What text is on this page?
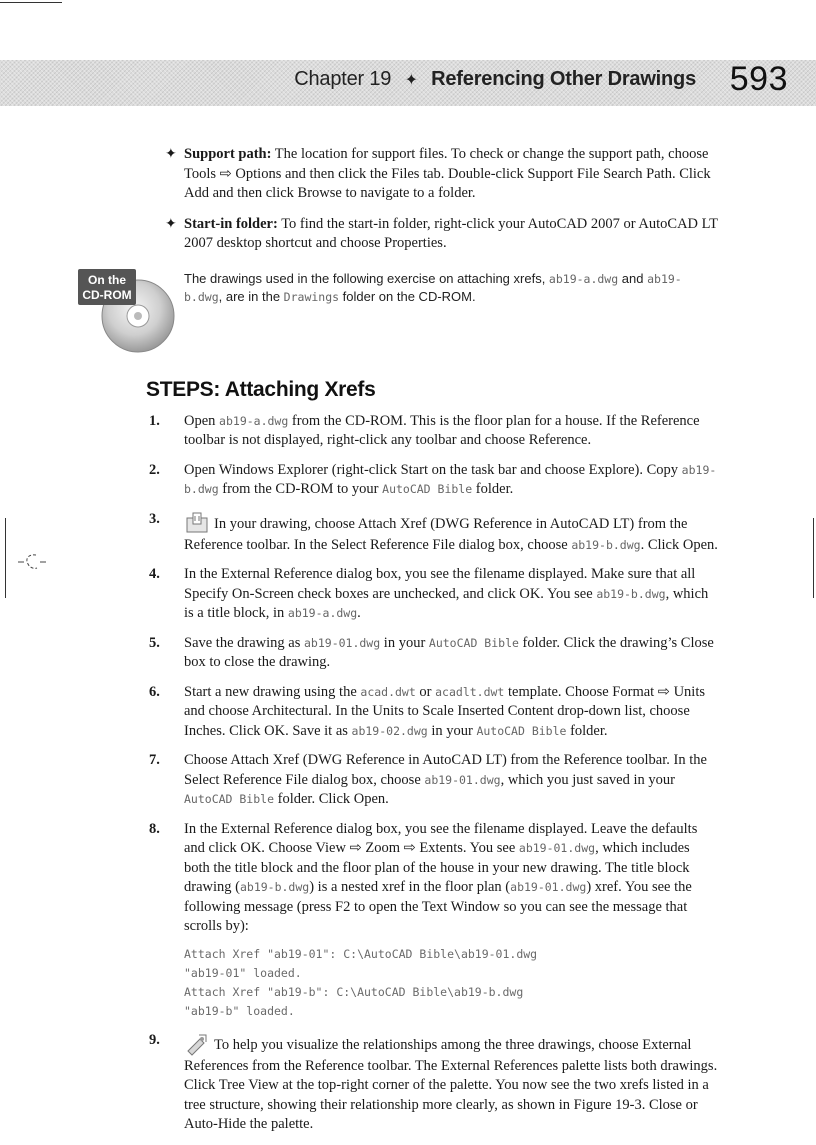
Chapter 19 ✦ Referencing Other Drawings 593
✦ Support path: The location for support files. To check or change the support path, choose Tools ⇨ Options and then click the Files tab. Double-click Support File Search Path. Click Add and then click Browse to navigate to a folder.
✦ Start-in folder: To find the start-in folder, right-click your AutoCAD 2007 or AutoCAD LT 2007 desktop shortcut and choose Properties.
On the
CD-ROM
The drawings used in the following exercise on attaching xrefs, ab19-a.dwg and ab19-b.dwg, are in the Drawings folder on the CD-ROM.
STEPS: Attaching Xrefs
1. Open ab19-a.dwg from the CD-ROM. This is the floor plan for a house. If the Reference toolbar is not displayed, right-click any toolbar and choose Reference.
2. Open Windows Explorer (right-click Start on the task bar and choose Explore). Copy ab19-b.dwg from the CD-ROM to your AutoCAD Bible folder.
3.	In your drawing, choose Attach Xref (DWG Reference in AutoCAD LT) from the Reference toolbar. In the Select Reference File dialog box, choose ab19-b.dwg. Click Open.
4. In the External Reference dialog box, you see the filename displayed. Make sure that all Specify On-Screen check boxes are unchecked, and click OK. You see ab19-b.dwg, which is a title block, in ab19-a.dwg.
5. Save the drawing as ab19-01.dwg in your AutoCAD Bible folder. Click the drawing’s Close box to close the drawing.
6. Start a new drawing using the acad.dwt or acadlt.dwt template. Choose Format ⇨ Units and choose Architectural. In the Units to Scale Inserted Content drop-down list, choose Inches. Click OK. Save it as ab19-02.dwg in your AutoCAD Bible folder.
7. Choose Attach Xref (DWG Reference in AutoCAD LT) from the Reference toolbar. In the Select Reference File dialog box, choose ab19-01.dwg, which you just saved in your AutoCAD Bible folder. Click Open.
8. In the External Reference dialog box, you see the filename displayed. Leave the defaults and click OK. Choose View ⇨ Zoom ⇨ Extents. You see ab19-01.dwg, which includes both the title block and the floor plan of the house in your new drawing. The title block drawing (ab19-b.dwg) is a nested xref in the floor plan (ab19-01.dwg) xref. You see the following message (press F2 to open the Text Window so you can see the message that scrolls by):
Attach Xref "ab19-01": C:\AutoCAD Bible\ab19-01.dwg
"ab19-01" loaded.
Attach Xref "ab19-b": C:\AutoCAD Bible\ab19-b.dwg
"ab19-b" loaded.
9.	To help you visualize the relationships among the three drawings, choose External References from the Reference toolbar. The External References palette lists both drawings. Click Tree View at the top-right corner of the palette. You now see the two xrefs listed in a tree structure, showing their relationship more clearly, as shown in Figure 19-3. Close or Auto-Hide the palette.
